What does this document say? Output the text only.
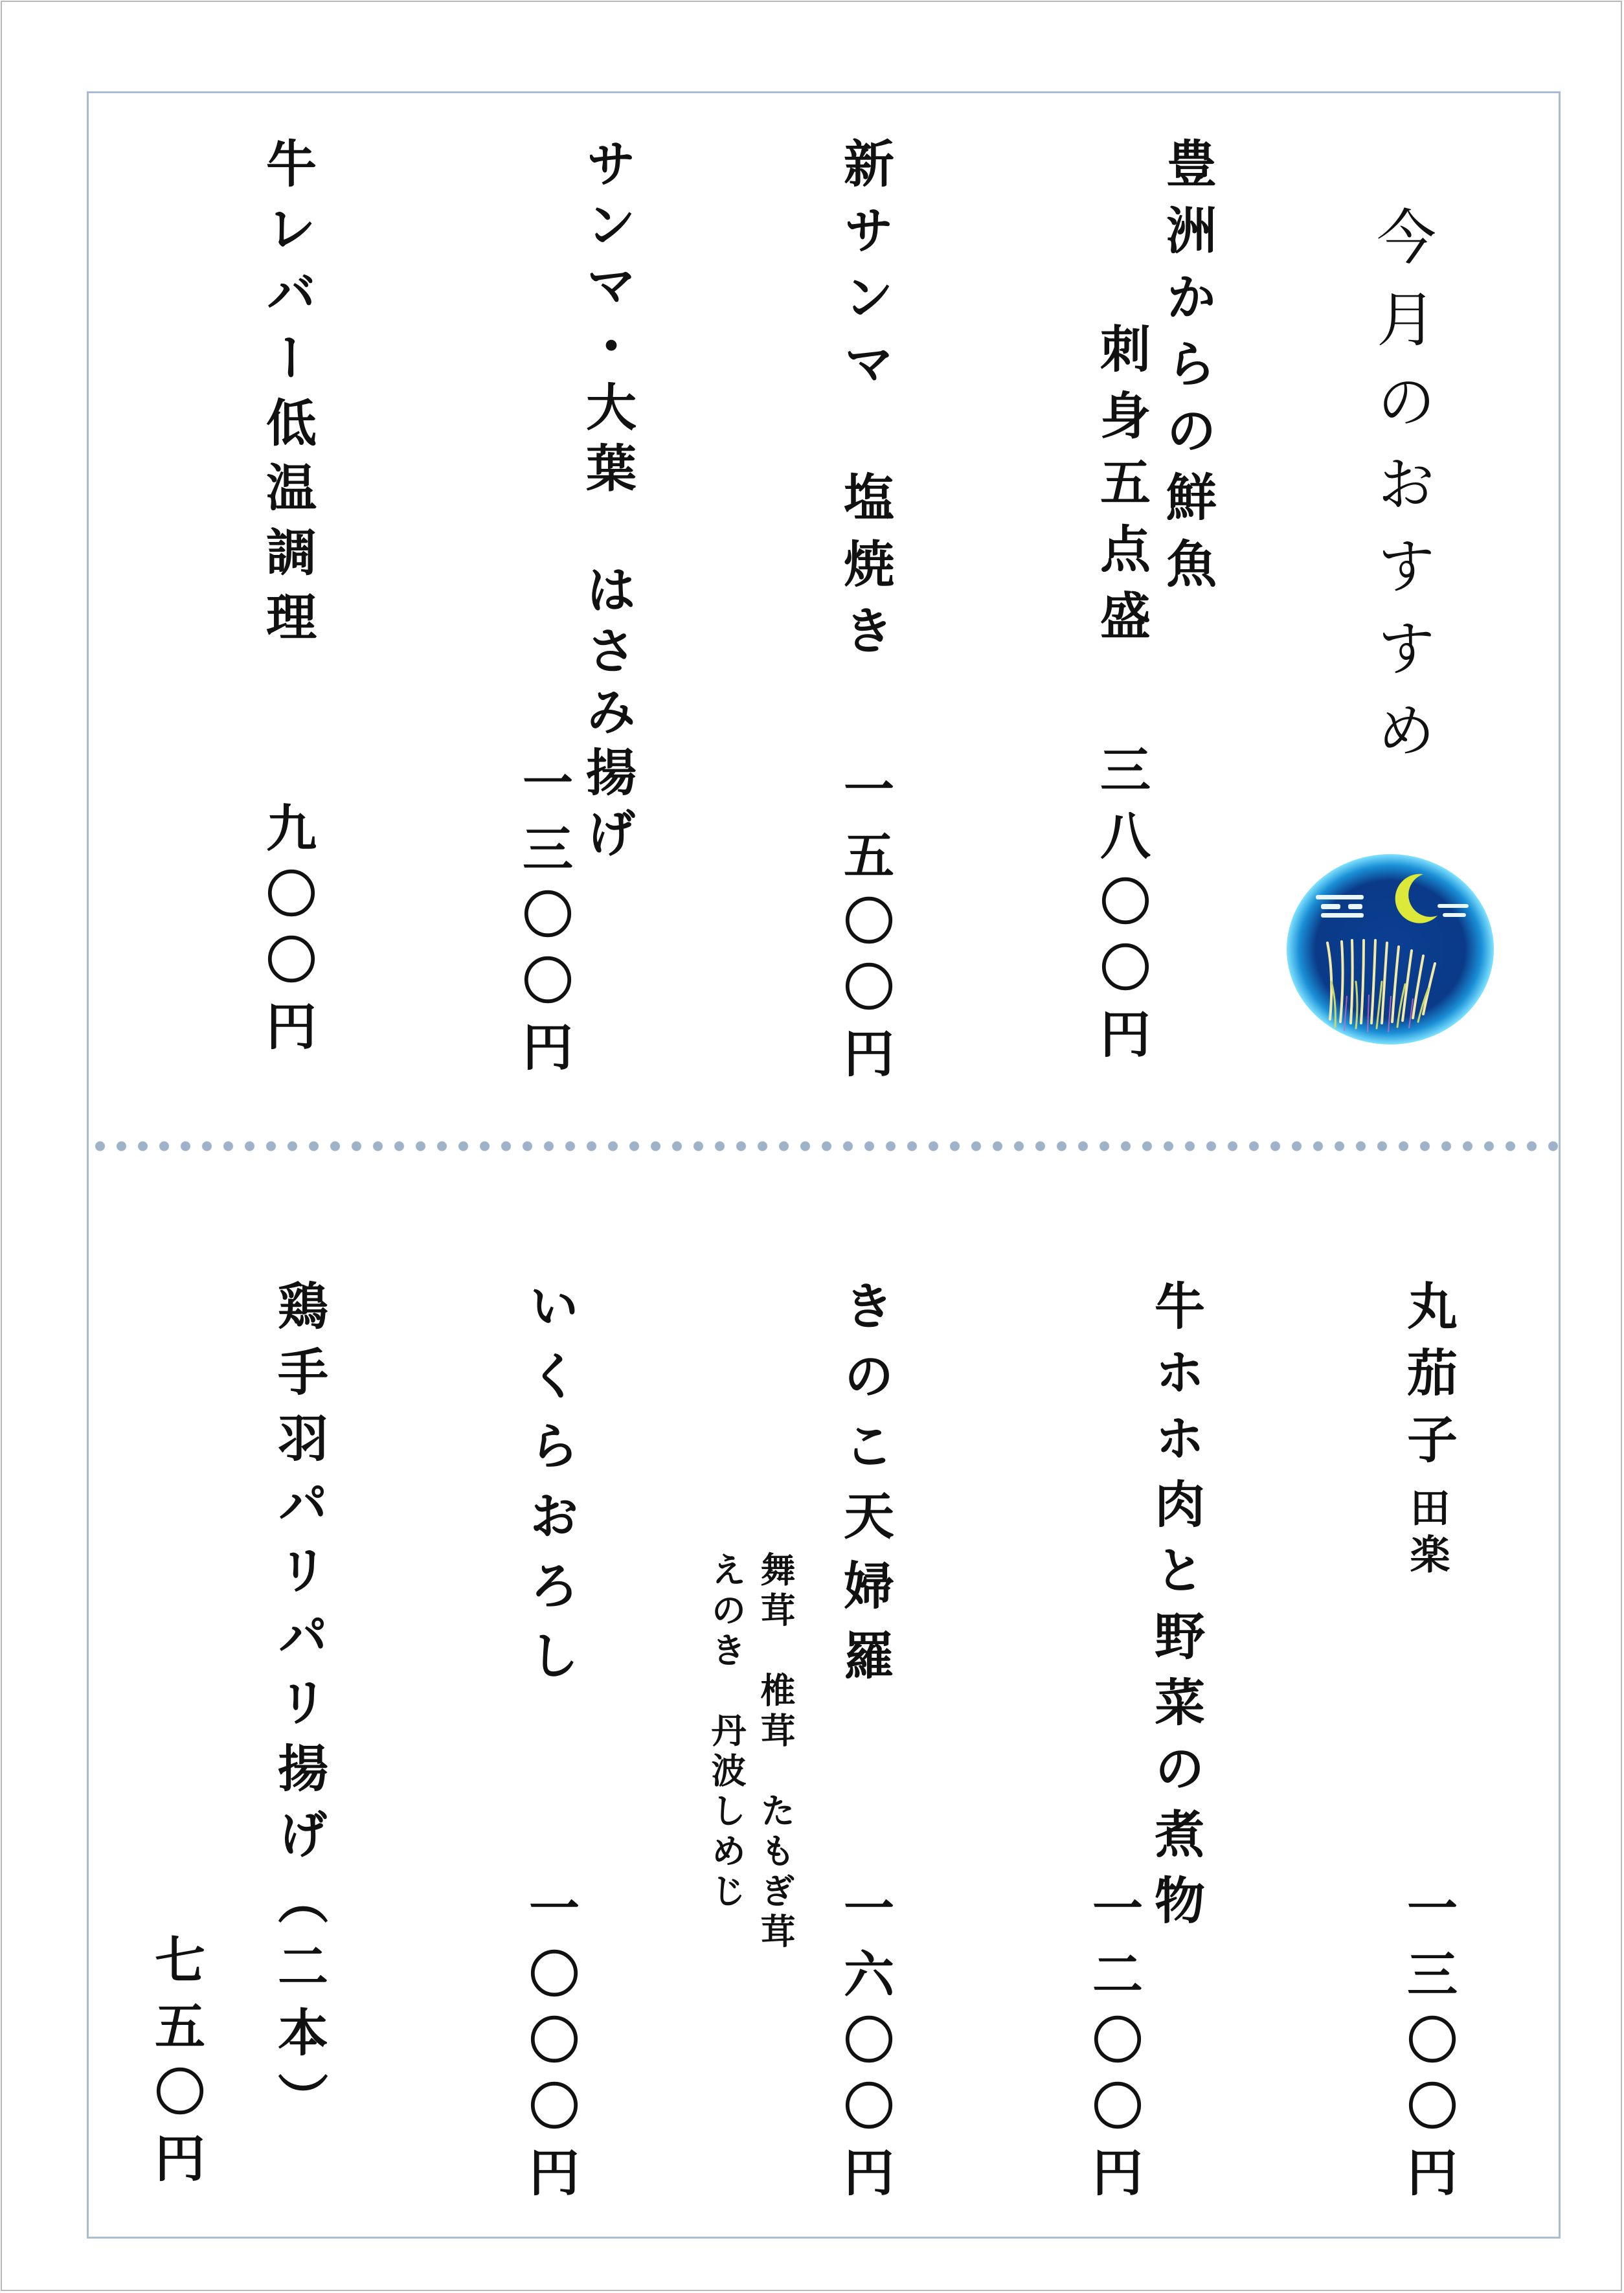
今月のおすすめ
豊洲からの鮮魚
刺身五点盛
三八〇〇円
新サンマ　塩焼き
一五〇〇円
サンマ・大葉　はさみ揚げ
一三〇〇円
牛レバー低温調理
九〇〇円
丸茄子
田楽
一三〇〇円
牛ホホ肉と野菜の煮物
一二〇〇円
きのこ天婦羅
舞茸　椎茸　たもぎ茸
えのき　丹波しめじ
一六〇〇円
いくらおろし
一〇〇〇円
鶏手羽パリパリ揚げ（二本）
七五〇円
